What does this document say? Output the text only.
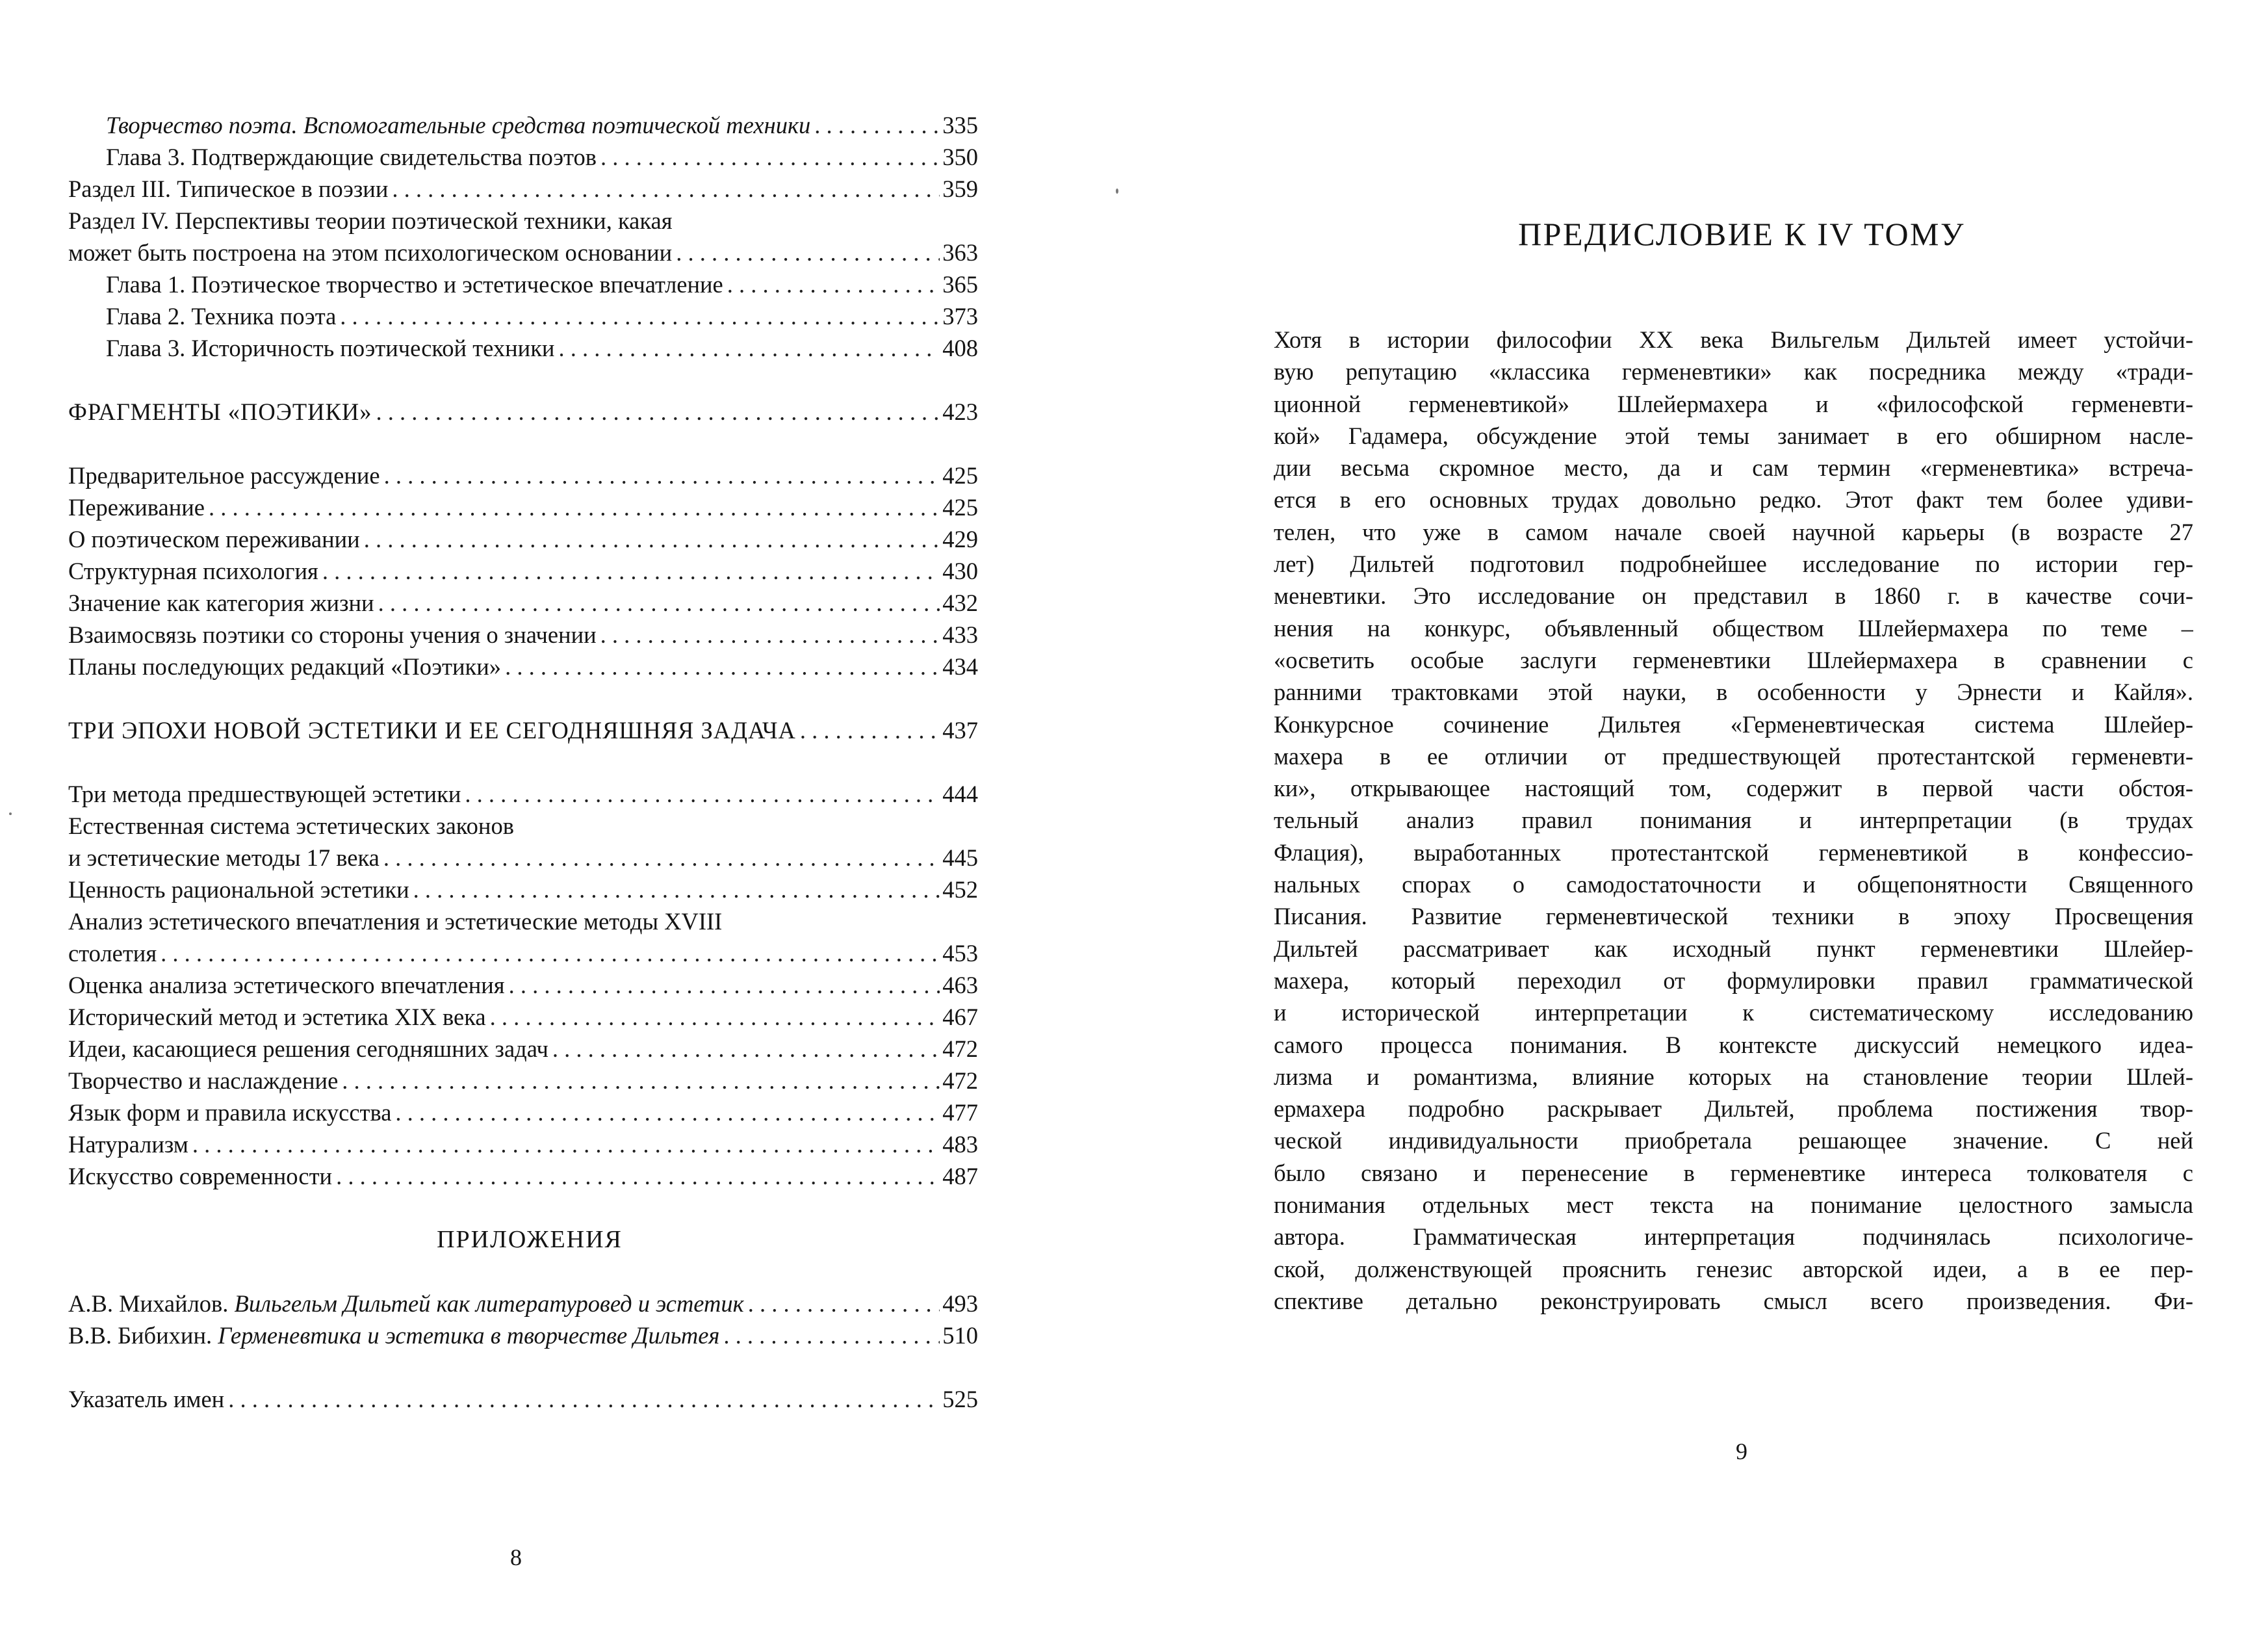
Творчество поэта. Вспомогательные средства поэтической техники . . .	335
Глава 3. Подтверждающие свидетельства поэтов . . .	350
Раздел III. Типическое в поэзии . . .	359
Раздел IV. Перспективы теории поэтической техники, какая
может быть построена на этом психологическом основании . . .	363
Глава 1. Поэтическое творчество и эстетическое впечатление . . .	365
Глава 2. Техника поэта . . .	373
Глава 3. Историчность поэтической техники . . .	408
ФРАГМЕНТЫ «ПОЭТИКИ» . . .	423
Предварительное рассуждение . . .	425
Переживание . . .	425
О поэтическом переживании . . .	429
Структурная психология . . .	430
Значение как категория жизни . . .	432
Взаимосвязь поэтики со стороны учения о значении . . .	433
Планы последующих редакций «Поэтики» . . .	434
ТРИ ЭПОХИ НОВОЙ ЭСТЕТИКИ И ЕЕ СЕГОДНЯШНЯЯ ЗАДАЧА . . .	437
Три метода предшествующей эстетики . . .	444
Естественная система эстетических законов
и эстетические методы 17 века . . .	445
Ценность рациональной эстетики . . .	452
Анализ эстетического впечатления и эстетические методы XVIII
столетия . . .	453
Оценка анализа эстетического впечатления . . .	463
Исторический метод и эстетика XIX века . . .	467
Идеи, касающиеся решения сегодняшних задач . . .	472
Творчество и наслаждение . . .	472
Язык форм и правила искусства . . .	477
Натурализм . . .	483
Искусство современности . . .	487
ПРИЛОЖЕНИЯ
А.В. Михайлов. Вильгельм Дильтей как литературовед и эстетик . . .	493
В.В. Бибихин. Герменевтика и эстетика в творчестве Дильтея . . .	510
Указатель имен . . .	525
8
ПРЕДИСЛОВИЕ К IV ТОМУ
Хотя в истории философии XX века Вильгельм Дильтей имеет устойчи-
вую репутацию «классика герменевтики» как посредника между «тради-
ционной герменевтикой» Шлейермахера и «философской герменевти-
кой» Гадамера, обсуждение этой темы занимает в его обширном насле-
дии весьма скромное место, да и сам термин «герменевтика» встреча-
ется в его основных трудах довольно редко. Этот факт тем более удиви-
телен, что уже в самом начале своей научной карьеры (в возрасте 27
лет) Дильтей подготовил подробнейшее исследование по истории гер-
меневтики. Это исследование он представил в 1860 г. в качестве сочи-
нения на конкурс, объявленный обществом Шлейермахера по теме –
«осветить особые заслуги герменевтики Шлейермахера в сравнении с
ранними трактовками этой науки, в особенности у Эрнести и Кайля».
Конкурсное сочинение Дильтея «Герменевтическая система Шлейер-
махера в ее отличии от предшествующей протестантской герменевти-
ки», открывающее настоящий том, содержит в первой части обстоя-
тельный анализ правил понимания и интерпретации (в трудах
Флация), выработанных протестантской герменевтикой в конфессио-
нальных спорах о самодостаточности и общепонятности Священного
Писания. Развитие герменевтической техники в эпоху Просвещения
Дильтей рассматривает как исходный пункт герменевтики Шлейер-
махера, который переходил от формулировки правил грамматической
и исторической интерпретации к систематическому исследованию
самого процесса понимания. В контексте дискуссий немецкого идеа-
лизма и романтизма, влияние которых на становление теории Шлей-
ермахера подробно раскрывает Дильтей, проблема постижения твор-
ческой индивидуальности приобретала решающее значение. С ней
было связано и перенесение в герменевтике интереса толкователя с
понимания отдельных мест текста на понимание целостного замысла
автора. Грамматическая интерпретация подчинялась психологиче-
ской, долженствующей прояснить генезис авторской идеи, а в ее пер-
спективе детально реконструировать смысл всего произведения. Фи-
9
